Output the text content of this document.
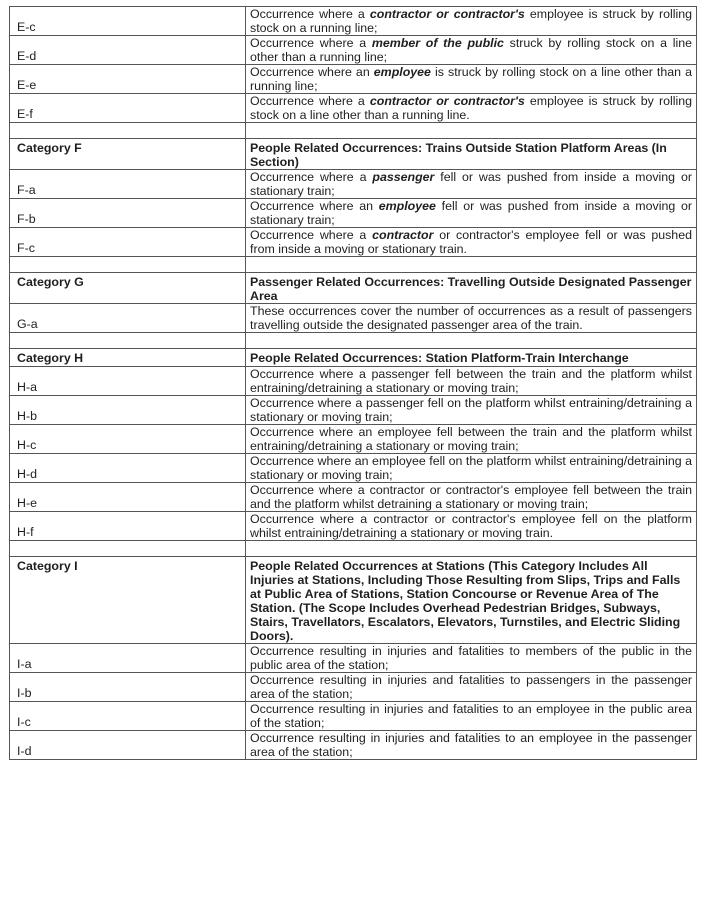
E-c	Occurrence where a contractor or contractor's employee is struck by rolling stock on a running line;
E-d	Occurrence where a member of the public struck by rolling stock on a line other than a running line;
E-e	Occurrence where an employee is struck by rolling stock on a line other than a running line;
E-f	Occurrence where a contractor or contractor's employee is struck by rolling stock on a line other than a running line.

Category F	People Related Occurrences: Trains Outside Station Platform Areas (In Section)
F-a	Occurrence where a passenger fell or was pushed from inside a moving or stationary train;
F-b	Occurrence where an employee fell or was pushed from inside a moving or stationary train;
F-c	Occurrence where a contractor or contractor's employee fell or was pushed from inside a moving or stationary train.

Category G	Passenger Related Occurrences: Travelling Outside Designated Passenger Area
G-a	These occurrences cover the number of occurrences as a result of passengers travelling outside the designated passenger area of the train.

Category H	People Related Occurrences: Station Platform-Train Interchange
H-a	Occurrence where a passenger fell between the train and the platform whilst entraining/detraining a stationary or moving train;
H-b	Occurrence where a passenger fell on the platform whilst entraining/detraining a stationary or moving train;
H-c	Occurrence where an employee fell between the train and the platform whilst entraining/detraining a stationary or moving train;
H-d	Occurrence where an employee fell on the platform whilst entraining/detraining a stationary or moving train;
H-e	Occurrence where a contractor or contractor's employee fell between the train and the platform whilst detraining a stationary or moving train;
H-f	Occurrence where a contractor or contractor's employee fell on the platform whilst entraining/detraining a stationary or moving train.

Category I	People Related Occurrences at Stations (This Category Includes All Injuries at Stations, Including Those Resulting from Slips, Trips and Falls at Public Area of Stations, Station Concourse or Revenue Area of The Station. (The Scope Includes Overhead Pedestrian Bridges, Subways, Stairs, Travellators, Escalators, Elevators, Turnstiles, and Electric Sliding Doors).
I-a	Occurrence resulting in injuries and fatalities to members of the public in the public area of the station;
I-b	Occurrence resulting in injuries and fatalities to passengers in the passenger area of the station;
I-c	Occurrence resulting in injuries and fatalities to an employee in the public area of the station;
I-d	Occurrence resulting in injuries and fatalities to an employee in the passenger area of the station;
